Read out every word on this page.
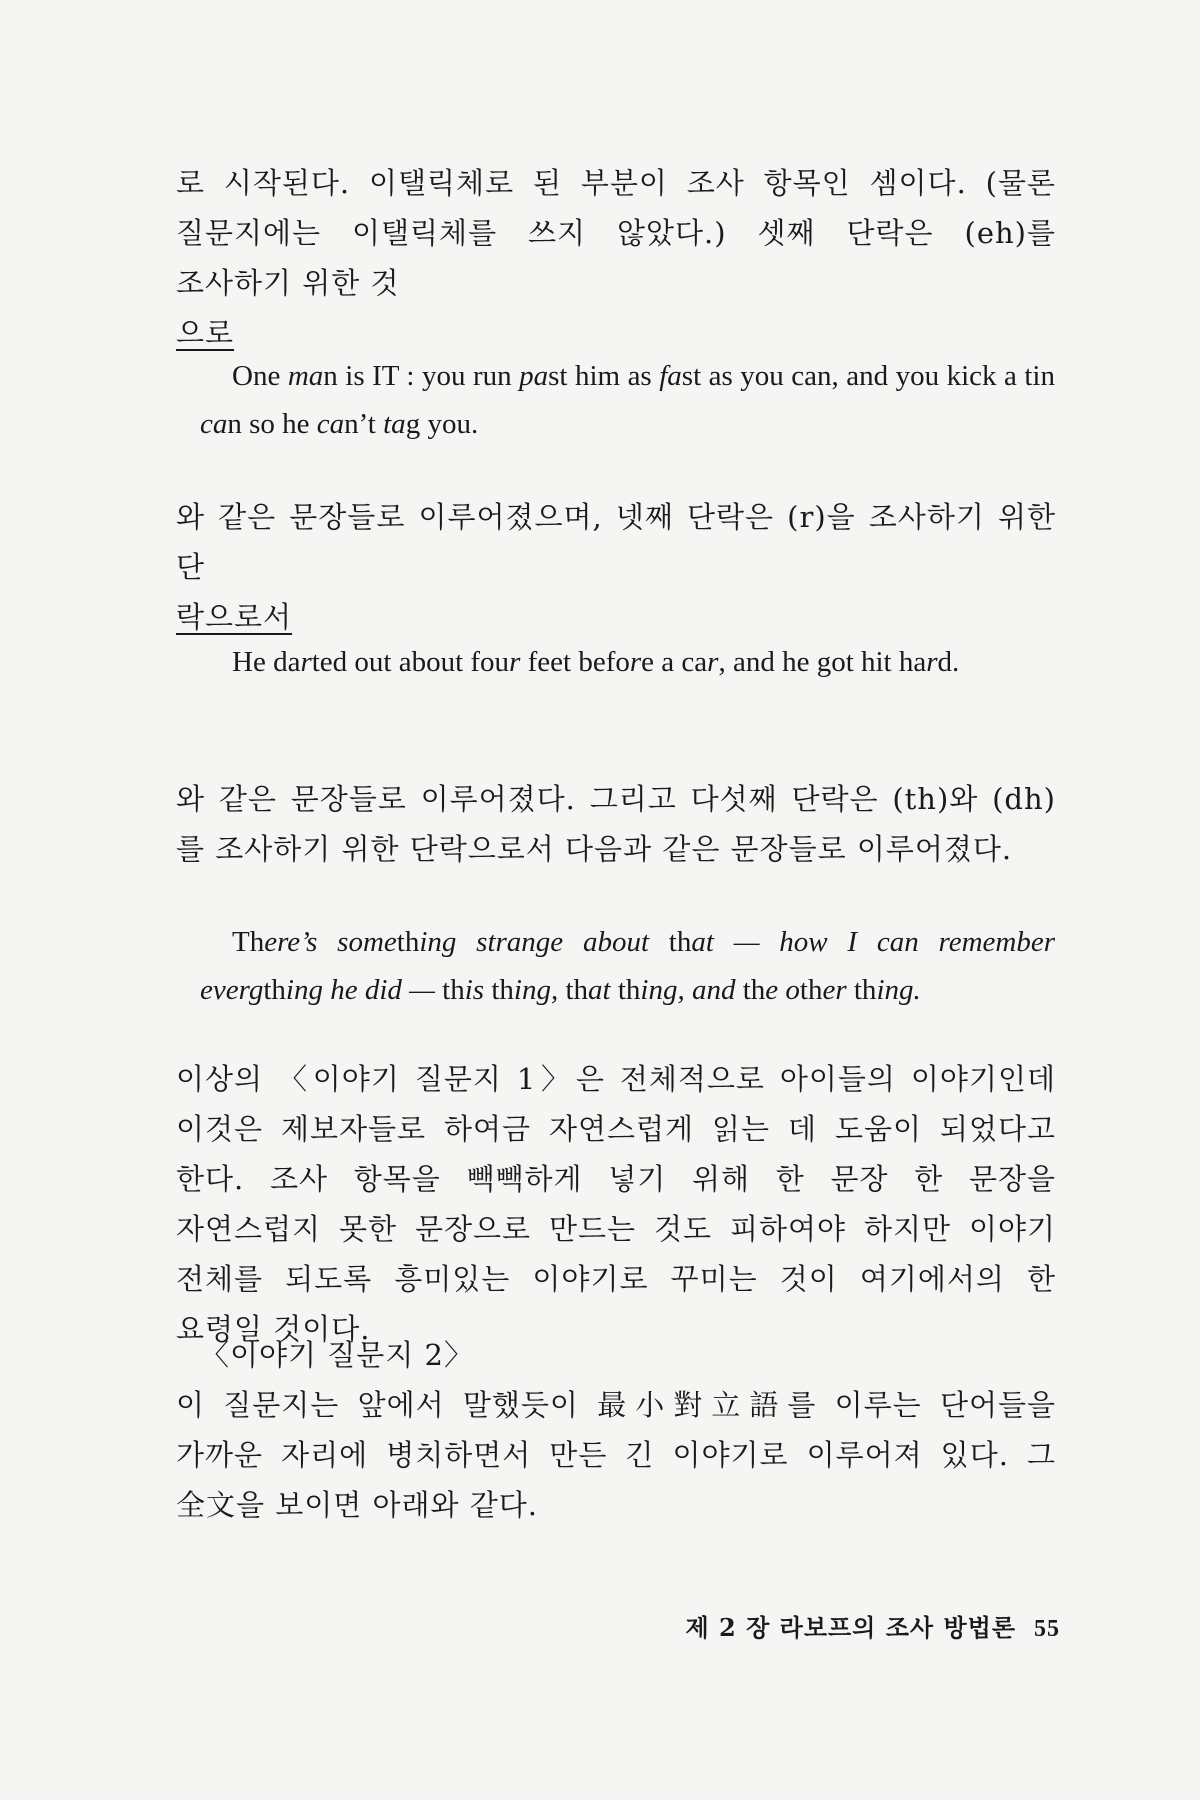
로 시작된다. 이탤릭체로 된 부분이 조사 항목인 셈이다. (물론 질문지에는 이탤릭체를 쓰지 않았다.) 셋째 단락은 (eh)를 조사하기 위한 것
으로

One man is IT : you run past him as fast as you can, and you kick a tin can so he can’t tag you.

와 같은 문장들로 이루어졌으며, 넷째 단락은 (r)을 조사하기 위한 단
락으로서

He darted out about four feet before a car, and he got hit hard.

와 같은 문장들로 이루어졌다. 그리고 다섯째 단락은 (th)와 (dh)를 조사하기 위한 단락으로서 다음과 같은 문장들로 이루어졌다.

There’s something strange about that — how I can remember evergthing he did — this thing, that thing, and the other thing.

이상의 〈이야기 질문지 1〉은 전체적으로 아이들의 이야기인데 이것은 제보자들로 하여금 자연스럽게 읽는 데 도움이 되었다고 한다. 조사 항목을 빽빽하게 넣기 위해 한 문장 한 문장을 자연스럽지 못한 문장으로 만드는 것도 피하여야 하지만 이야기 전체를 되도록 흥미있는 이야기로 꾸미는 것이 여기에서의 한 요령일 것이다.

〈이야기 질문지 2〉

이 질문지는 앞에서 말했듯이 最小對立語를 이루는 단어들을 가까운 자리에 병치하면서 만든 긴 이야기로 이루어져 있다. 그 全文을 보이면 아래와 같다.

제 2 장 라보프의 조사 방법론 55
